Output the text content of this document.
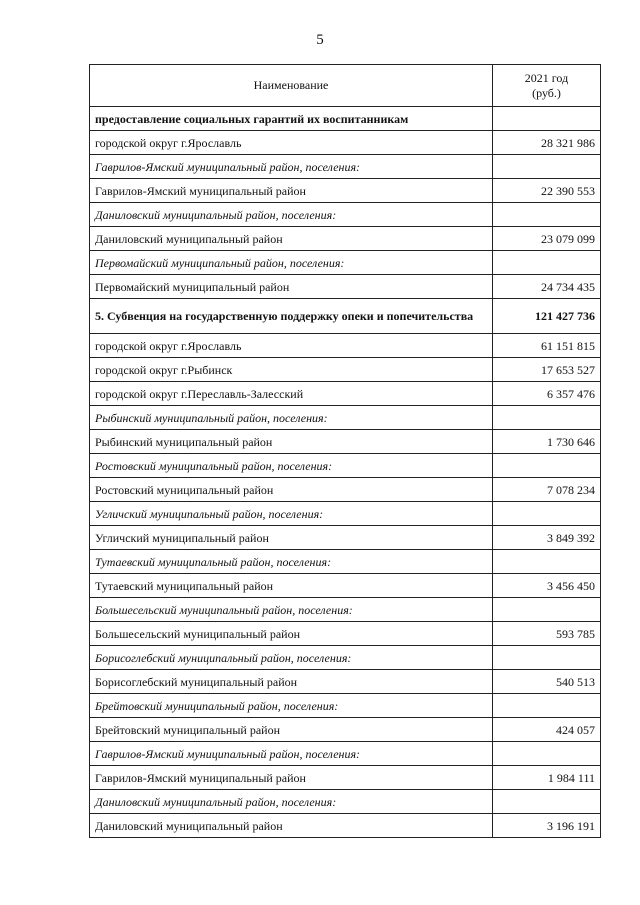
5
Наименование	2021 год
(руб.)

предоставление социальных гарантий их воспитанникам	
городской округ г.Ярославль	28 321 986
Гаврилов-Ямский муниципальный район, поселения:	
Гаврилов-Ямский муниципальный район	22 390 553
Даниловский муниципальный район, поселения:	
Даниловский муниципальный район	23 079 099
Первомайский муниципальный район, поселения:	
Первомайский муниципальный район	24 734 435
5. Субвенция на государственную поддержку опеки и попечительства	121 427 736
городской округ г.Ярославль	61 151 815
городской округ г.Рыбинск	17 653 527
городской округ г.Переславль-Залесский	6 357 476
Рыбинский муниципальный район, поселения:	
Рыбинский муниципальный район	1 730 646
Ростовский муниципальный район, поселения:	
Ростовский муниципальный район	7 078 234
Угличский муниципальный район, поселения:	
Угличский муниципальный район	3 849 392
Тутаевский муниципальный район, поселения:	
Тутаевский муниципальный район	3 456 450
Большесельский муниципальный район, поселения:	
Большесельский муниципальный район	593 785
Борисоглебский муниципальный район, поселения:	
Борисоглебский муниципальный район	540 513
Брейтовский муниципальный район, поселения:	
Брейтовский муниципальный район	424 057
Гаврилов-Ямский муниципальный район, поселения:	
Гаврилов-Ямский муниципальный район	1 984 111
Даниловский муниципальный район, поселения:	
Даниловский муниципальный район	3 196 191
